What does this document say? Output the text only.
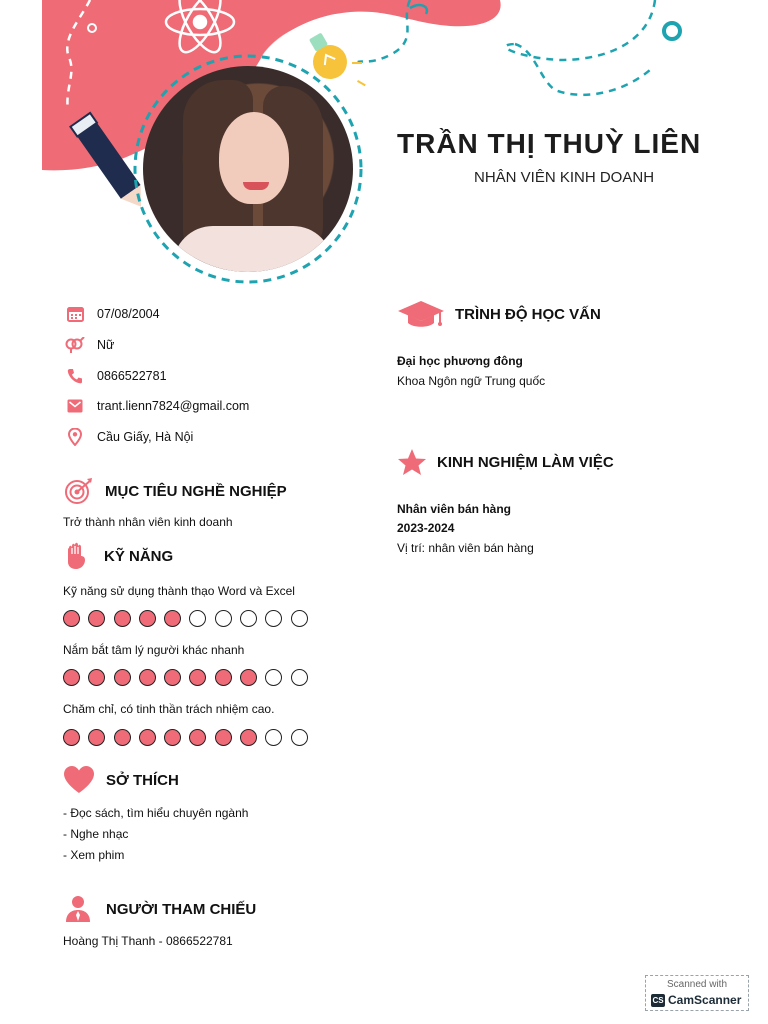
TRẦN THỊ THUỲ LIÊN
NHÂN VIÊN KINH DOANH
07/08/2004
Nữ
0866522781
trant.lienn7824@gmail.com
Cầu Giấy, Hà Nội
MỤC TIÊU NGHỀ NGHIỆP
Trở thành nhân viên kinh doanh
KỸ NĂNG
Kỹ năng sử dụng thành thạo Word và Excel
Nắm bắt tâm lý người khác nhanh
Chăm chỉ, có tinh thần trách nhiệm cao.
SỞ THÍCH
- Đọc sách, tìm hiểu chuyên ngành
- Nghe nhạc
- Xem phim
NGƯỜI THAM CHIẾU
Hoàng Thị Thanh - 0866522781
TRÌNH ĐỘ HỌC VẤN
Đại học phương đông
Khoa Ngôn ngữ Trung quốc
KINH NGHIỆM LÀM VIỆC
Nhân viên bán hàng
2023-2024
Vị trí: nhân viên bán hàng
Scanned with
CS CamScanner
